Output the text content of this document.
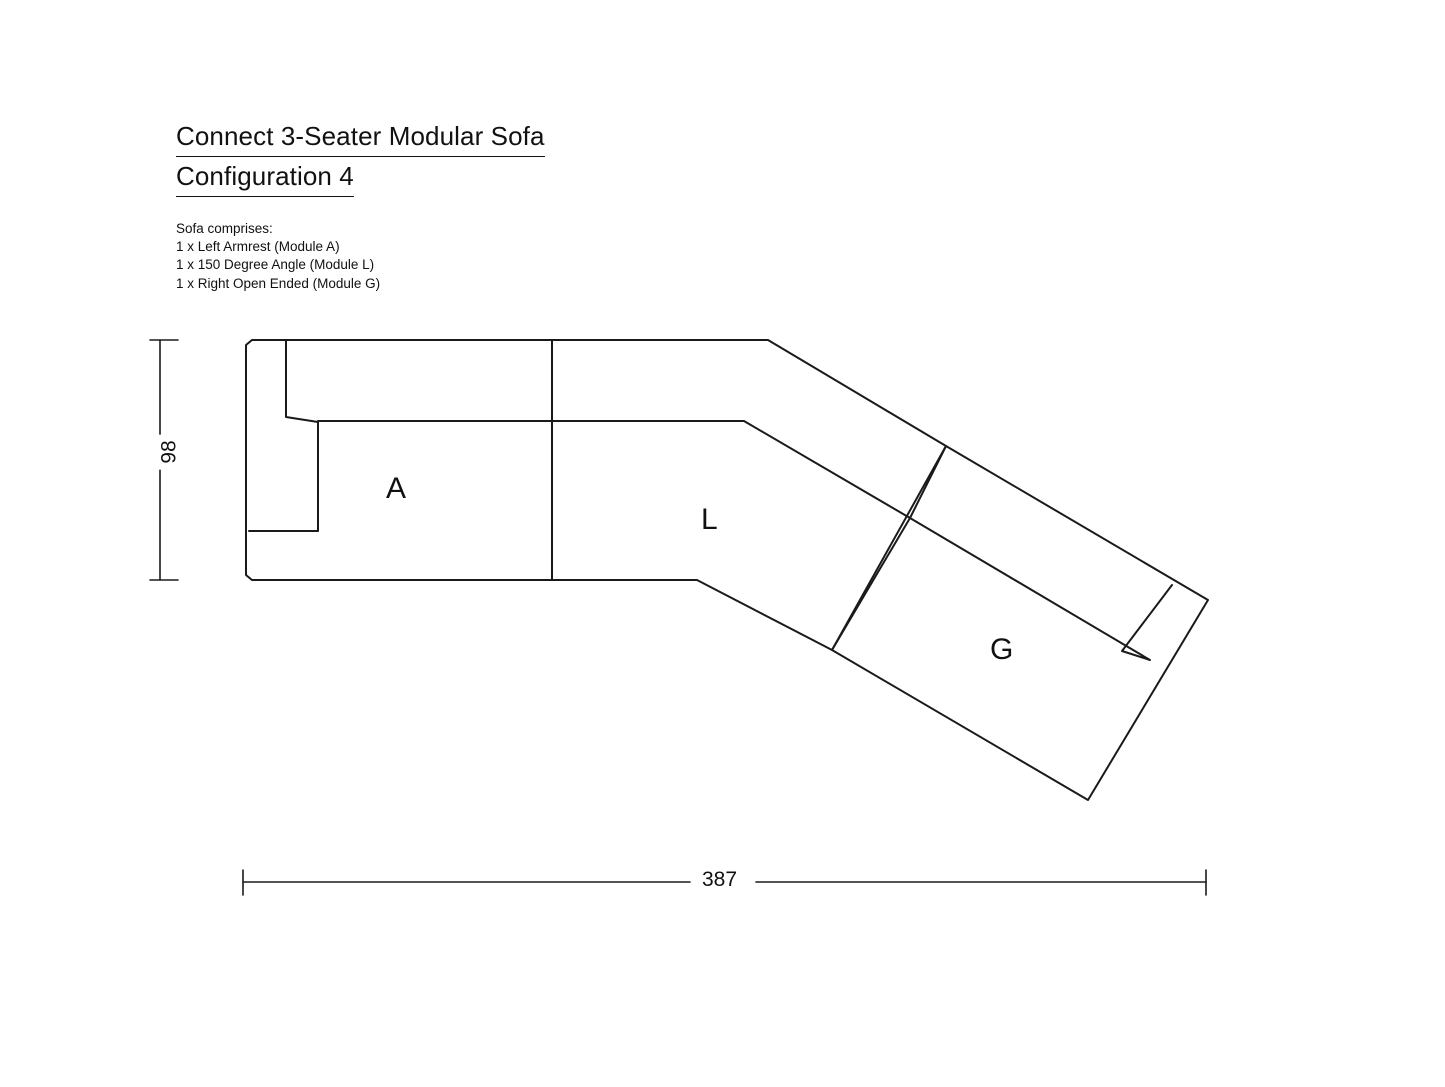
Connect 3-Seater Modular Sofa
Configuration 4
Sofa comprises:
1 x Left Armrest (Module A)
1 x 150 Degree Angle (Module L)
1 x Right Open Ended (Module G)
98
387
A
L
G
